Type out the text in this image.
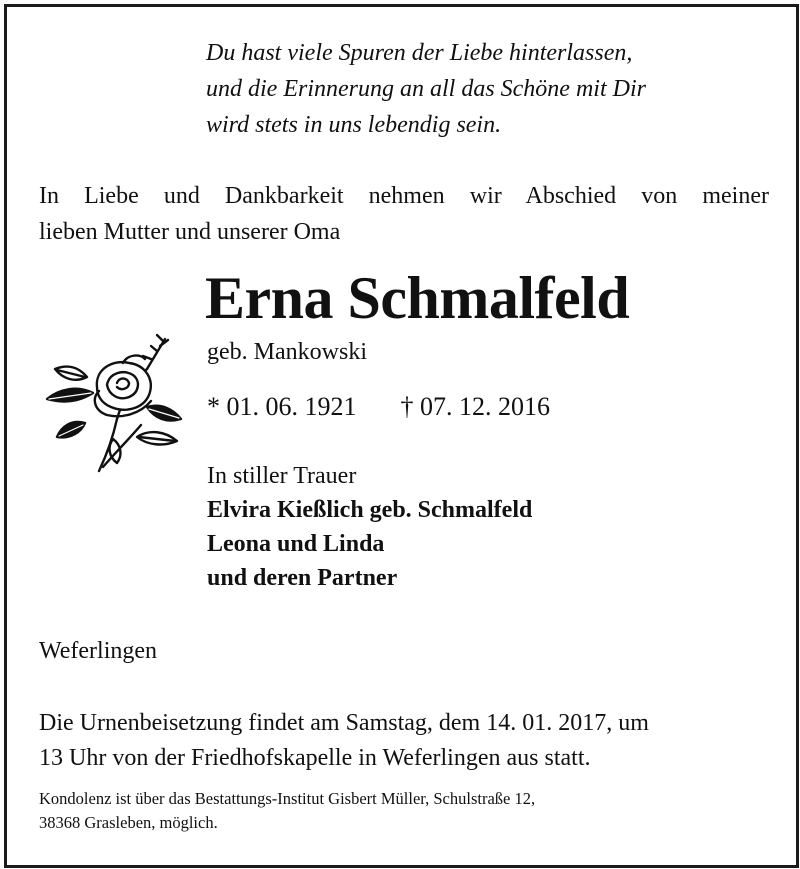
Du hast viele Spuren der Liebe hinterlassen,
und die Erinnerung an all das Schöne mit Dir
wird stets in uns lebendig sein.

In Liebe und Dankbarkeit nehmen wir Abschied von meiner
lieben Mutter und unserer Oma

Erna Schmalfeld

geb. Mankowski

* 01. 06. 1921 † 07. 12. 2016

In stiller Trauer
Elvira Kießlich geb. Schmalfeld
Leona und Linda
und deren Partner

Weferlingen

Die Urnenbeisetzung findet am Samstag, dem 14. 01. 2017, um
13 Uhr von der Friedhofskapelle in Weferlingen aus statt.

Kondolenz ist über das Bestattungs-Institut Gisbert Müller, Schulstraße 12,
38368 Grasleben, möglich.
